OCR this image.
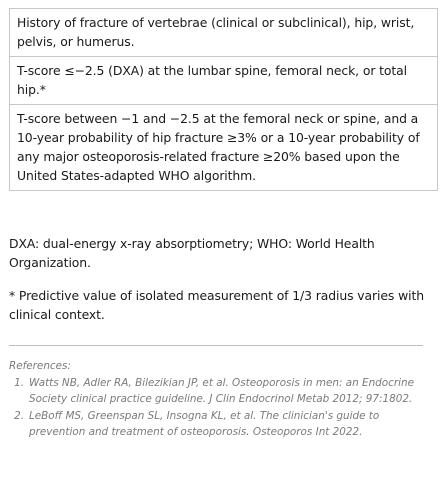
History of fracture of vertebrae (clinical or subclinical), hip, wrist, pelvis, or humerus.
T-score ≤−2.5 (DXA) at the lumbar spine, femoral neck, or total hip.*
T-score between −1 and −2.5 at the femoral neck or spine, and a 10-year probability of hip fracture ≥3% or a 10-year probability of any major osteoporosis-related fracture ≥20% based upon the United States-adapted WHO algorithm.
DXA: dual-energy x-ray absorptiometry; WHO: World Health Organization.
* Predictive value of isolated measurement of 1/3 radius varies with clinical context.
References:
1. Watts NB, Adler RA, Bilezikian JP, et al. Osteoporosis in men: an Endocrine Society clinical practice guideline. J Clin Endocrinol Metab 2012; 97:1802.
2. LeBoff MS, Greenspan SL, Insogna KL, et al. The clinician's guide to prevention and treatment of osteoporosis. Osteoporos Int 2022.
